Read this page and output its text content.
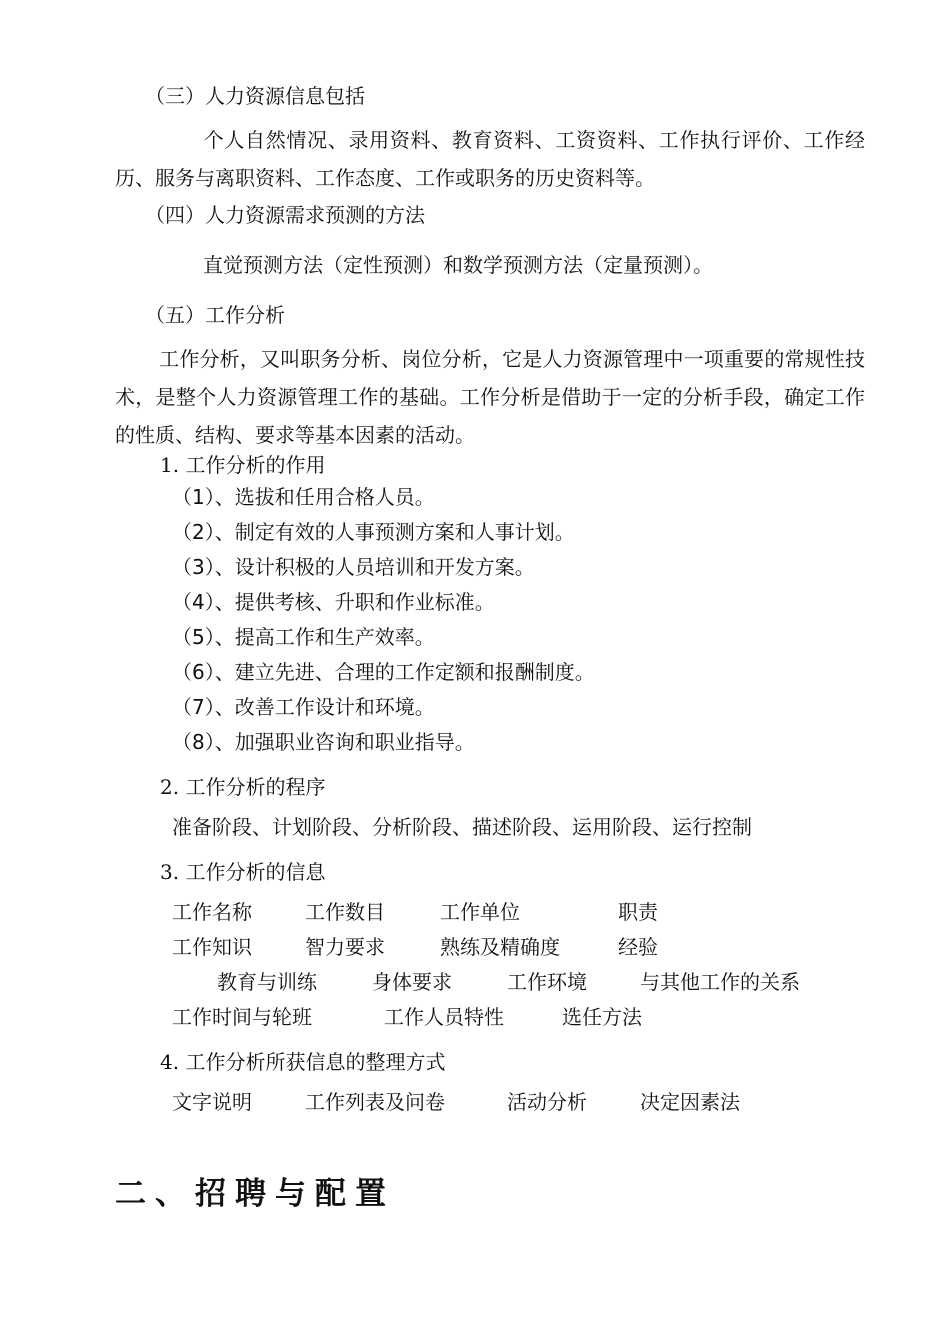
（三）人力资源信息包括
个人自然情况、录用资料、教育资料、工资资料、工作执行评价、工作经历、服务与离职资料、工作态度、工作或职务的历史资料等。
（四）人力资源需求预测的方法
直觉预测方法（定性预测）和数学预测方法（定量预测）。
（五）工作分析
工作分析，又叫职务分析、岗位分析，它是人力资源管理中一项重要的常规性技术，是整个人力资源管理工作的基础。工作分析是借助于一定的分析手段，确定工作的性质、结构、要求等基本因素的活动。
1. 工作分析的作用
（1）、选拔和任用合格人员。
（2）、制定有效的人事预测方案和人事计划。
（3）、设计积极的人员培训和开发方案。
（4）、提供考核、升职和作业标准。
（5）、提高工作和生产效率。
（6）、建立先进、合理的工作定额和报酬制度。
（7）、改善工作设计和环境。
（8）、加强职业咨询和职业指导。
2. 工作分析的程序
准备阶段、计划阶段、分析阶段、描述阶段、运用阶段、运行控制
3. 工作分析的信息
工作名称	工作数目	工作单位	职责
工作知识	智力要求	熟练及精确度	经验
教育与训练	身体要求	工作环境	与其他工作的关系
工作时间与轮班	工作人员特性	选任方法
4. 工作分析所获信息的整理方式
文字说明	工作列表及问卷	活动分析	决定因素法
二、招聘与配置
